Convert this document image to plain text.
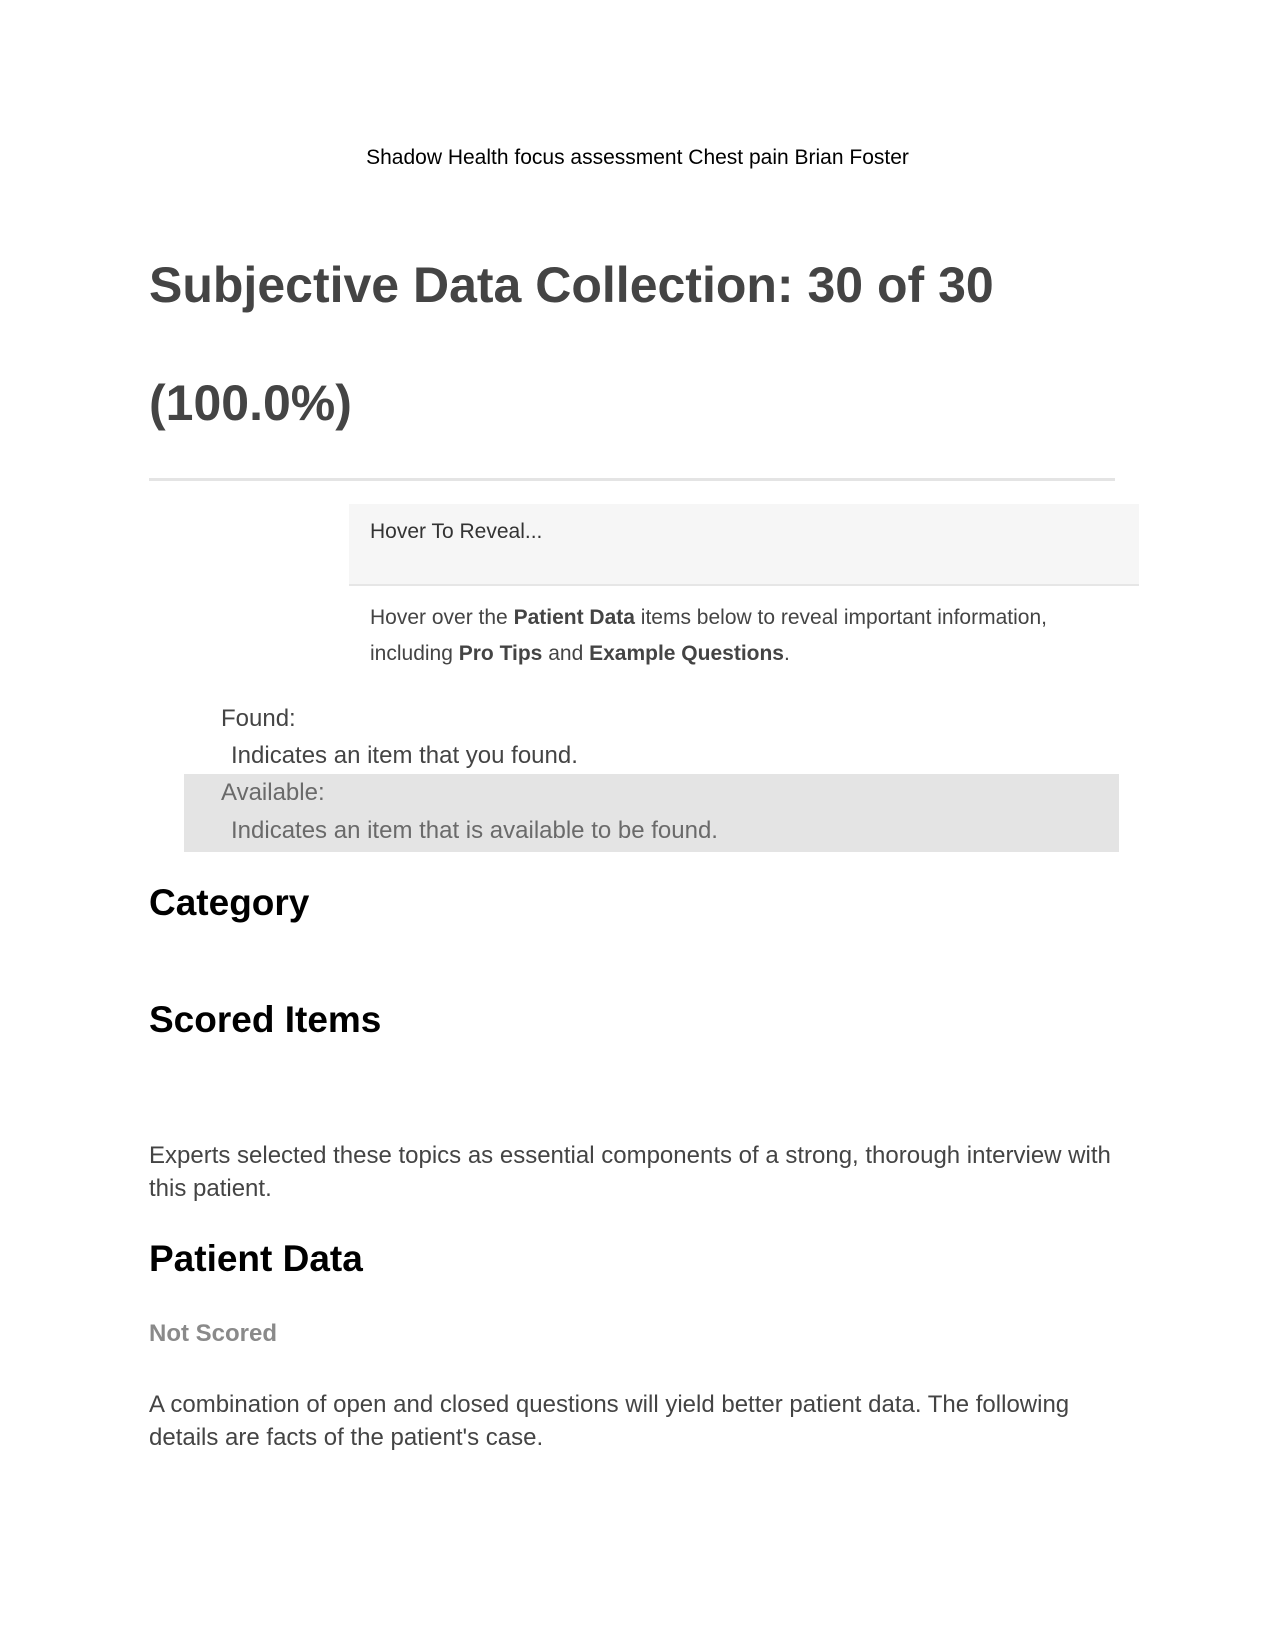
Shadow Health focus assessment Chest pain Brian Foster
Subjective Data Collection: 30 of 30
(100.0%)
Hover To Reveal...
Hover over the Patient Data items below to reveal important information, including Pro Tips and Example Questions.
Found:
Indicates an item that you found.
Available:
Indicates an item that is available to be found.
Category
Scored Items
Experts selected these topics as essential components of a strong, thorough interview with this patient.
Patient Data
Not Scored
A combination of open and closed questions will yield better patient data. The following details are facts of the patient's case.
